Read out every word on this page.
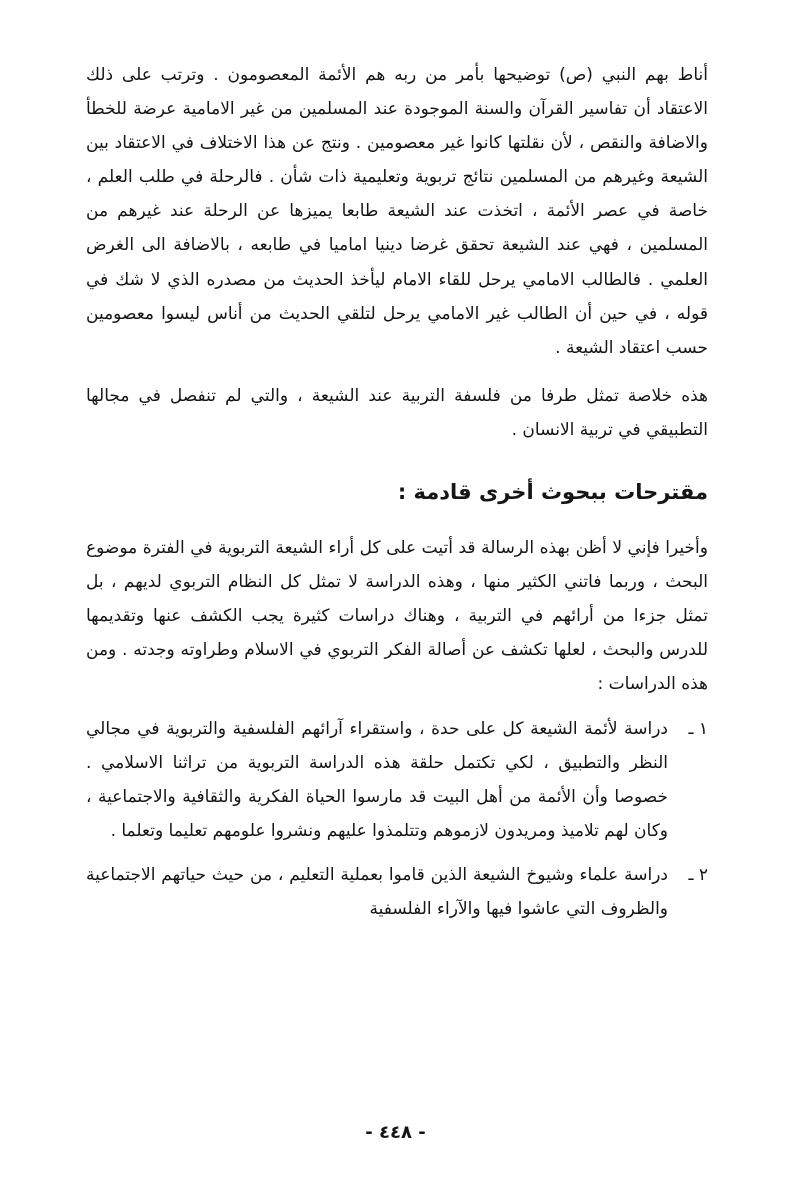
أناط بهم النبي (ص) توضيحها بأمر من ربه هم الأئمة المعصومون . وترتب على ذلك الاعتقاد أن تفاسير القرآن والسنة الموجودة عند المسلمين من غير الامامية عرضة للخطأ والاضافة والنقص ، لأن نقلتها كانوا غير معصومين . ونتج عن هذا الاختلاف في الاعتقاد بين الشيعة وغيرهم من المسلمين نتائج تربوية وتعليمية ذات شأن . فالرحلة في طلب العلم ، خاصة في عصر الأئمة ، اتخذت عند الشيعة طابعا يميزها عن الرحلة عند غيرهم من المسلمين ، فهي عند الشيعة تحقق غرضا دينيا اماميا في طابعه ، بالاضافة الى الغرض العلمي . فالطالب الامامي يرحل للقاء الامام ليأخذ الحديث من مصدره الذي لا شك في قوله ، في حين أن الطالب غير الامامي يرحل لتلقي الحديث من أناس ليسوا معصومين حسب اعتقاد الشيعة .

هذه خلاصة تمثل طرفا من فلسفة التربية عند الشيعة ، والتي لم تنفصل في مجالها التطبيقي في تربية الانسان .

مقترحات ببحوث أخرى قادمة :

وأخيرا فإني لا أظن بهذه الرسالة قد أتيت على كل أراء الشيعة التربوية في الفترة موضوع البحث ، وربما فاتني الكثير منها ، وهذه الدراسة لا تمثل كل النظام التربوي لديهم ، بل تمثل جزءا من أرائهم في التربية ، وهناك دراسات كثيرة يجب الكشف عنها وتقديمها للدرس والبحث ، لعلها تكشف عن أصالة الفكر التربوي في الاسلام وطراوته وجدته . ومن هذه الدراسات :

١ ـ
دراسة لأئمة الشيعة كل على حدة ، واستقراء آرائهم الفلسفية والتربوية في مجالي النظر والتطبيق ، لكي تكتمل حلقة هذه الدراسة التربوية من تراثنا الاسلامي . خصوصا وأن الأئمة من أهل البيت قد مارسوا الحياة الفكرية والثقافية والاجتماعية ، وكان لهم تلاميذ ومريدون لازموهم وتتلمذوا عليهم ونشروا علومهم تعليما وتعلما .
٢ ـ
دراسة علماء وشيوخ الشيعة الذين قاموا بعملية التعليم ، من حيث حياتهم الاجتماعية والظروف التي عاشوا فيها والآراء الفلسفية
- ٤٤٨ -
